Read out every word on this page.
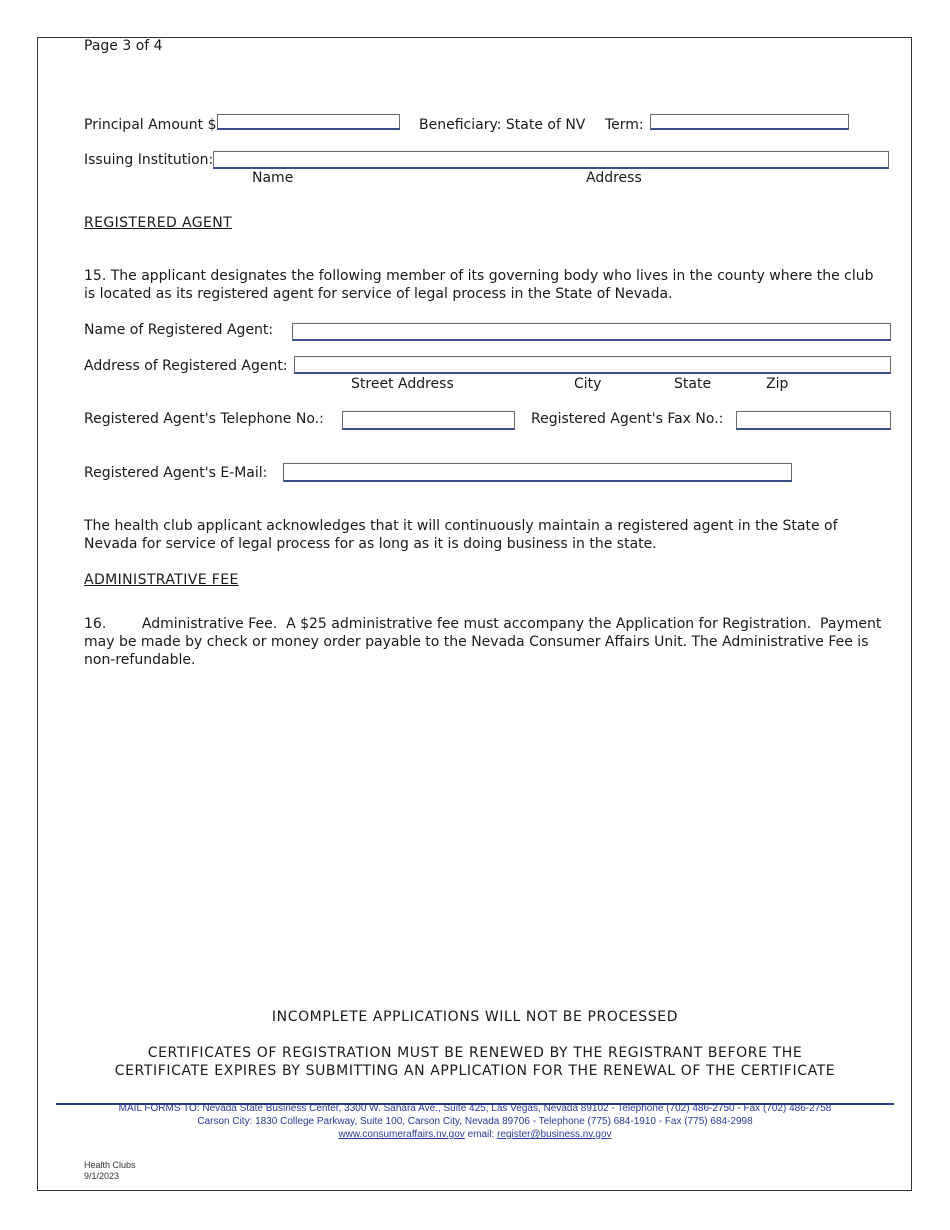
Page 3 of 4
Principal Amount $	Beneficiary: State of NV Term:
Issuing Institution:
Name	Address
REGISTERED AGENT
15. The applicant designates the following member of its governing body who lives in the county where the club
is located as its registered agent for service of legal process in the State of Nevada.
Name of Registered Agent:
Address of Registered Agent:
Street Address	City	State	Zip
Registered Agent's Telephone No.:	Registered Agent's Fax No.:
Registered Agent's E-Mail:
The health club applicant acknowledges that it will continuously maintain a registered agent in the State of
Nevada for service of legal process for as long as it is doing business in the state.
ADMINISTRATIVE FEE
16.        Administrative Fee.  A $25 administrative fee must accompany the Application for Registration.  Payment
may be made by check or money order payable to the Nevada Consumer Affairs Unit. The Administrative Fee is
non-refundable.
INCOMPLETE APPLICATIONS WILL NOT BE PROCESSED
CERTIFICATES OF REGISTRATION MUST BE RENEWED BY THE REGISTRANT BEFORE THE
CERTIFICATE EXPIRES BY SUBMITTING AN APPLICATION FOR THE RENEWAL OF THE CERTIFICATE
MAIL FORMS TO: Nevada State Business Center, 3300 W. Sahara Ave., Suite 425, Las Vegas, Nevada 89102 - Telephone (702) 486-2750 - Fax (702) 486-2758
Carson City: 1830 College Parkway, Suite 100, Carson City, Nevada 89706 - Telephone (775) 684-1910 - Fax (775) 684-2998
www.consumeraffairs.nv.gov email: register@business.nv.gov
Health Clubs
9/1/2023
